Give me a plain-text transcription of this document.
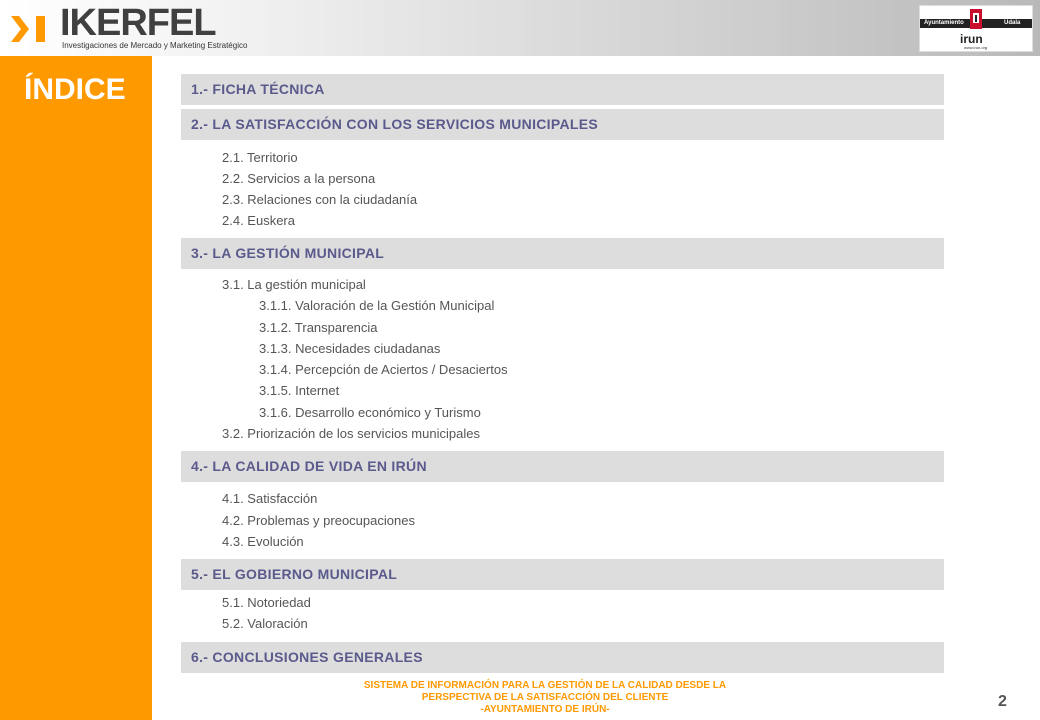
IKERFEL
Investigaciones de Mercado y Marketing Estratégico
Ayuntamiento	Udala
irun
www.irun.org
ÍNDICE	1.- FICHA TÉCNICA
2.- LA SATISFACCIÓN CON LOS SERVICIOS MUNICIPALES
2.1. Territorio
2.2. Servicios a la persona
2.3. Relaciones con la ciudadanía
2.4. Euskera
3.- LA GESTIÓN MUNICIPAL
3.1. La gestión municipal
3.1.1. Valoración de la Gestión Municipal
3.1.2. Transparencia
3.1.3. Necesidades ciudadanas
3.1.4. Percepción de Aciertos / Desaciertos
3.1.5. Internet
3.1.6. Desarrollo económico y Turismo
3.2. Priorización de los servicios municipales
4.- LA CALIDAD DE VIDA EN IRÚN
4.1. Satisfacción
4.2. Problemas y preocupaciones
4.3. Evolución
5.- EL GOBIERNO MUNICIPAL
5.1. Notoriedad
5.2. Valoración
6.- CONCLUSIONES GENERALES
SISTEMA DE INFORMACIÓN PARA LA GESTIÓN DE LA CALIDAD DESDE LA
PERSPECTIVA DE LA SATISFACCIÓN DEL CLIENTE
-AYUNTAMIENTO DE IRÚN-	2
